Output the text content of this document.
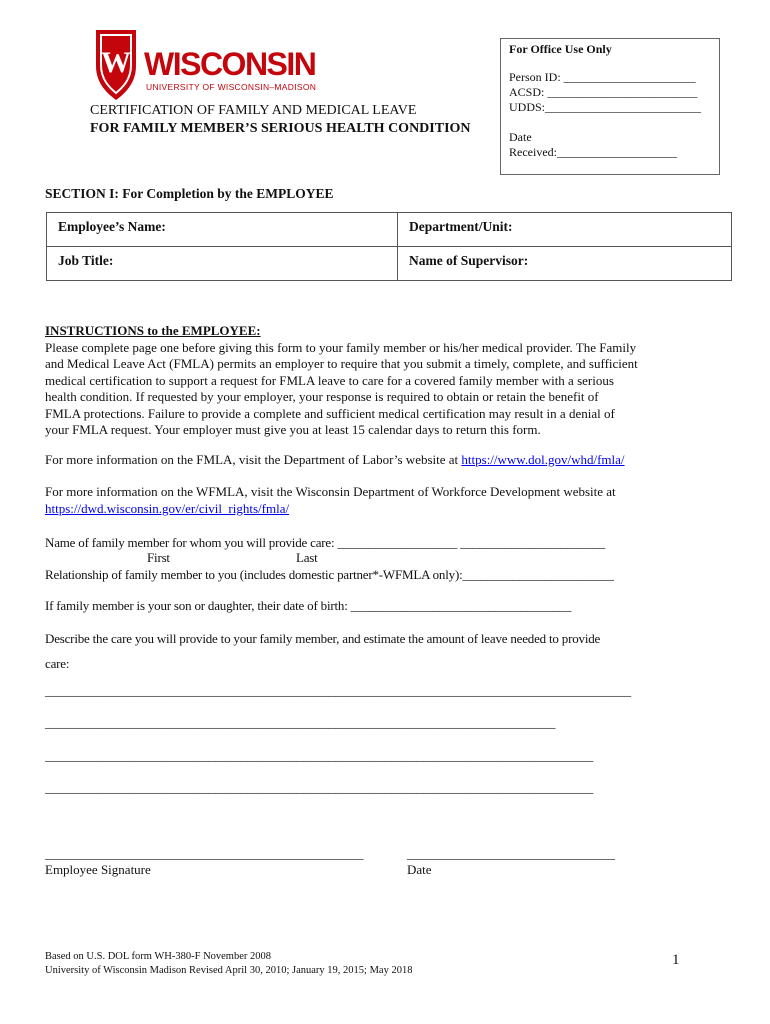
W WISCONSIN
UNIVERSITY OF WISCONSIN–MADISON
CERTIFICATION OF FAMILY AND MEDICAL LEAVE
FOR FAMILY MEMBER’S SERIOUS HEALTH CONDITION
For Office Use Only
Person ID: ______________________
ACSD: _________________________
UDDS:__________________________
Date
Received:____________________
SECTION I: For Completion by the EMPLOYEE
Employee’s Name:	Department/Unit:
Job Title:	Name of Supervisor:
INSTRUCTIONS to the EMPLOYEE:
Please complete page one before giving this form to your family member or his/her medical provider. The Family
and Medical Leave Act (FMLA) permits an employer to require that you submit a timely, complete, and sufficient
medical certification to support a request for FMLA leave to care for a covered family member with a serious
health condition. If requested by your employer, your response is required to obtain or retain the benefit of
FMLA protections. Failure to provide a complete and sufficient medical certification may result in a denial of
your FMLA request. Your employer must give you at least 15 calendar days to return this form.
For more information on the FMLA, visit the Department of Labor’s website at https://www.dol.gov/whd/fmla/
For more information on the WFMLA, visit the Wisconsin Department of Workforce Development website at
https://dwd.wisconsin.gov/er/civil_rights/fmla/
Name of family member for whom you will provide care: ___________________ _______________________
First	Last
Relationship of family member to you (includes domestic partner*-WFMLA only):________________________
If family member is your son or daughter, their date of birth: ___________________________________
Describe the care you will provide to your family member, and estimate the amount of leave needed to provide
care:
_____________________________________________________________________________________________
_________________________________________________________________________________
_______________________________________________________________________________________
_______________________________________________________________________________________
_________________________________________________
Employee Signature
________________________________
Date
Based on U.S. DOL form WH-380-F November 2008
University of Wisconsin Madison Revised April 30, 2010; January 19, 2015; May 2018
1
